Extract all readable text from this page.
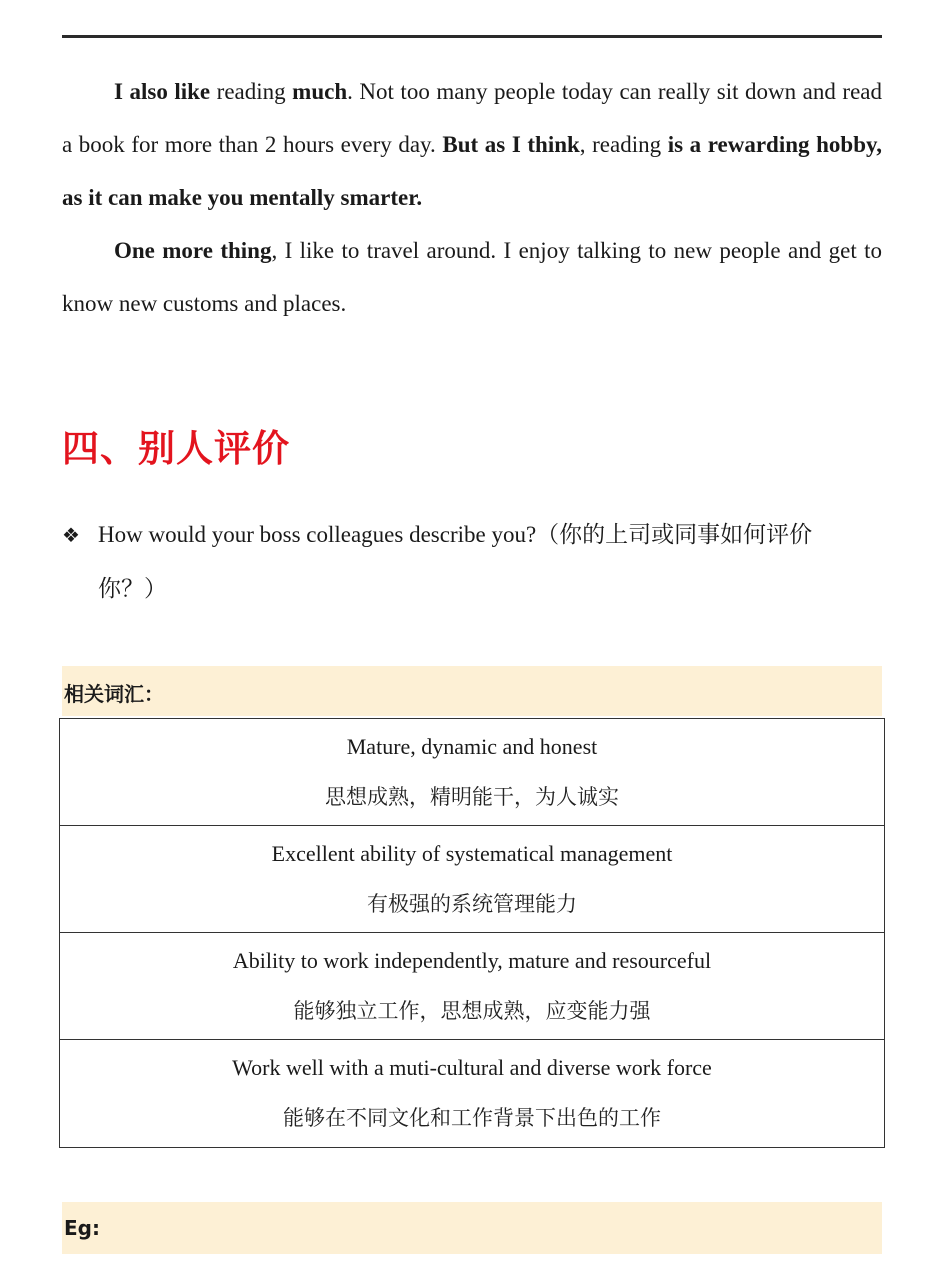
I also like reading much. Not too many people today can really sit down and read a book for more than 2 hours every day. But as I think, reading is a rewarding hobby, as it can make you mentally smarter.

One more thing, I like to travel around. I enjoy talking to new people and get to know new customs and places.

四、别人评价
❖ How would your boss colleagues describe you?（你的上司或同事如何评价
你？）
相关词汇：
Mature, dynamic and honest
思想成熟，精明能干，为人诚实
Excellent ability of systematical management
有极强的系统管理能力
Ability to work independently, mature and resourceful
能够独立工作，思想成熟，应变能力强
Work well with a muti-cultural and diverse work force
能够在不同文化和工作背景下出色的工作
Eg:
